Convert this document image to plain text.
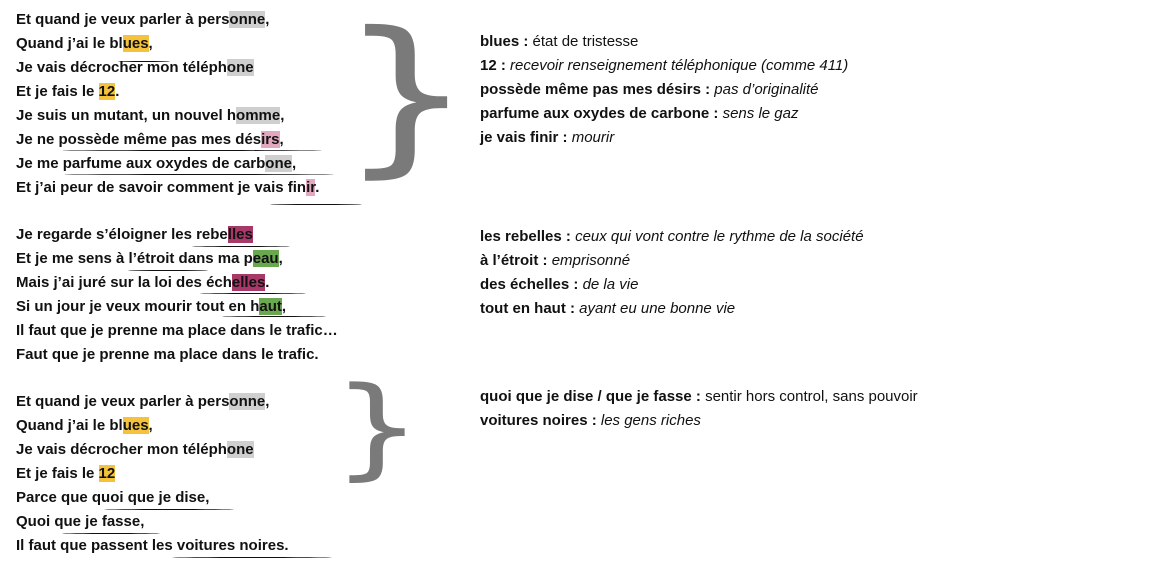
Et quand je veux parler à personne,
Quand j’ai le blues,
Je vais décrocher mon téléphone
Et je fais le 12.
Je suis un mutant, un nouvel homme,
Je ne possède même pas mes désirs,
Je me parfume aux oxydes de carbone,
Et j’ai peur de savoir comment je vais finir.
Je regarde s’éloigner les rebelles
Et je me sens à l’étroit dans ma peau,
Mais j’ai juré sur la loi des échelles.
Si un jour je veux mourir tout en haut,
Il faut que je prenne ma place dans le trafic…
Faut que je prenne ma place dans le trafic.
Et quand je veux parler à personne,
Quand j’ai le blues,
Je vais décrocher mon téléphone
Et je fais le 12
Parce que quoi que je dise,
Quoi que je fasse,
Il faut que passent les voitures noires.
}
}
blues : état de tristesse
12 : recevoir renseignement téléphonique (comme 411)
possède même pas mes désirs : pas d’originalité
parfume aux oxydes de carbone : sens le gaz
je vais finir : mourir
les rebelles : ceux qui vont contre le rythme de la société
à l’étroit : emprisonné
des échelles : de la vie
tout en haut : ayant eu une bonne vie
quoi que je dise / que je fasse : sentir hors control, sans pouvoir
voitures noires : les gens riches
